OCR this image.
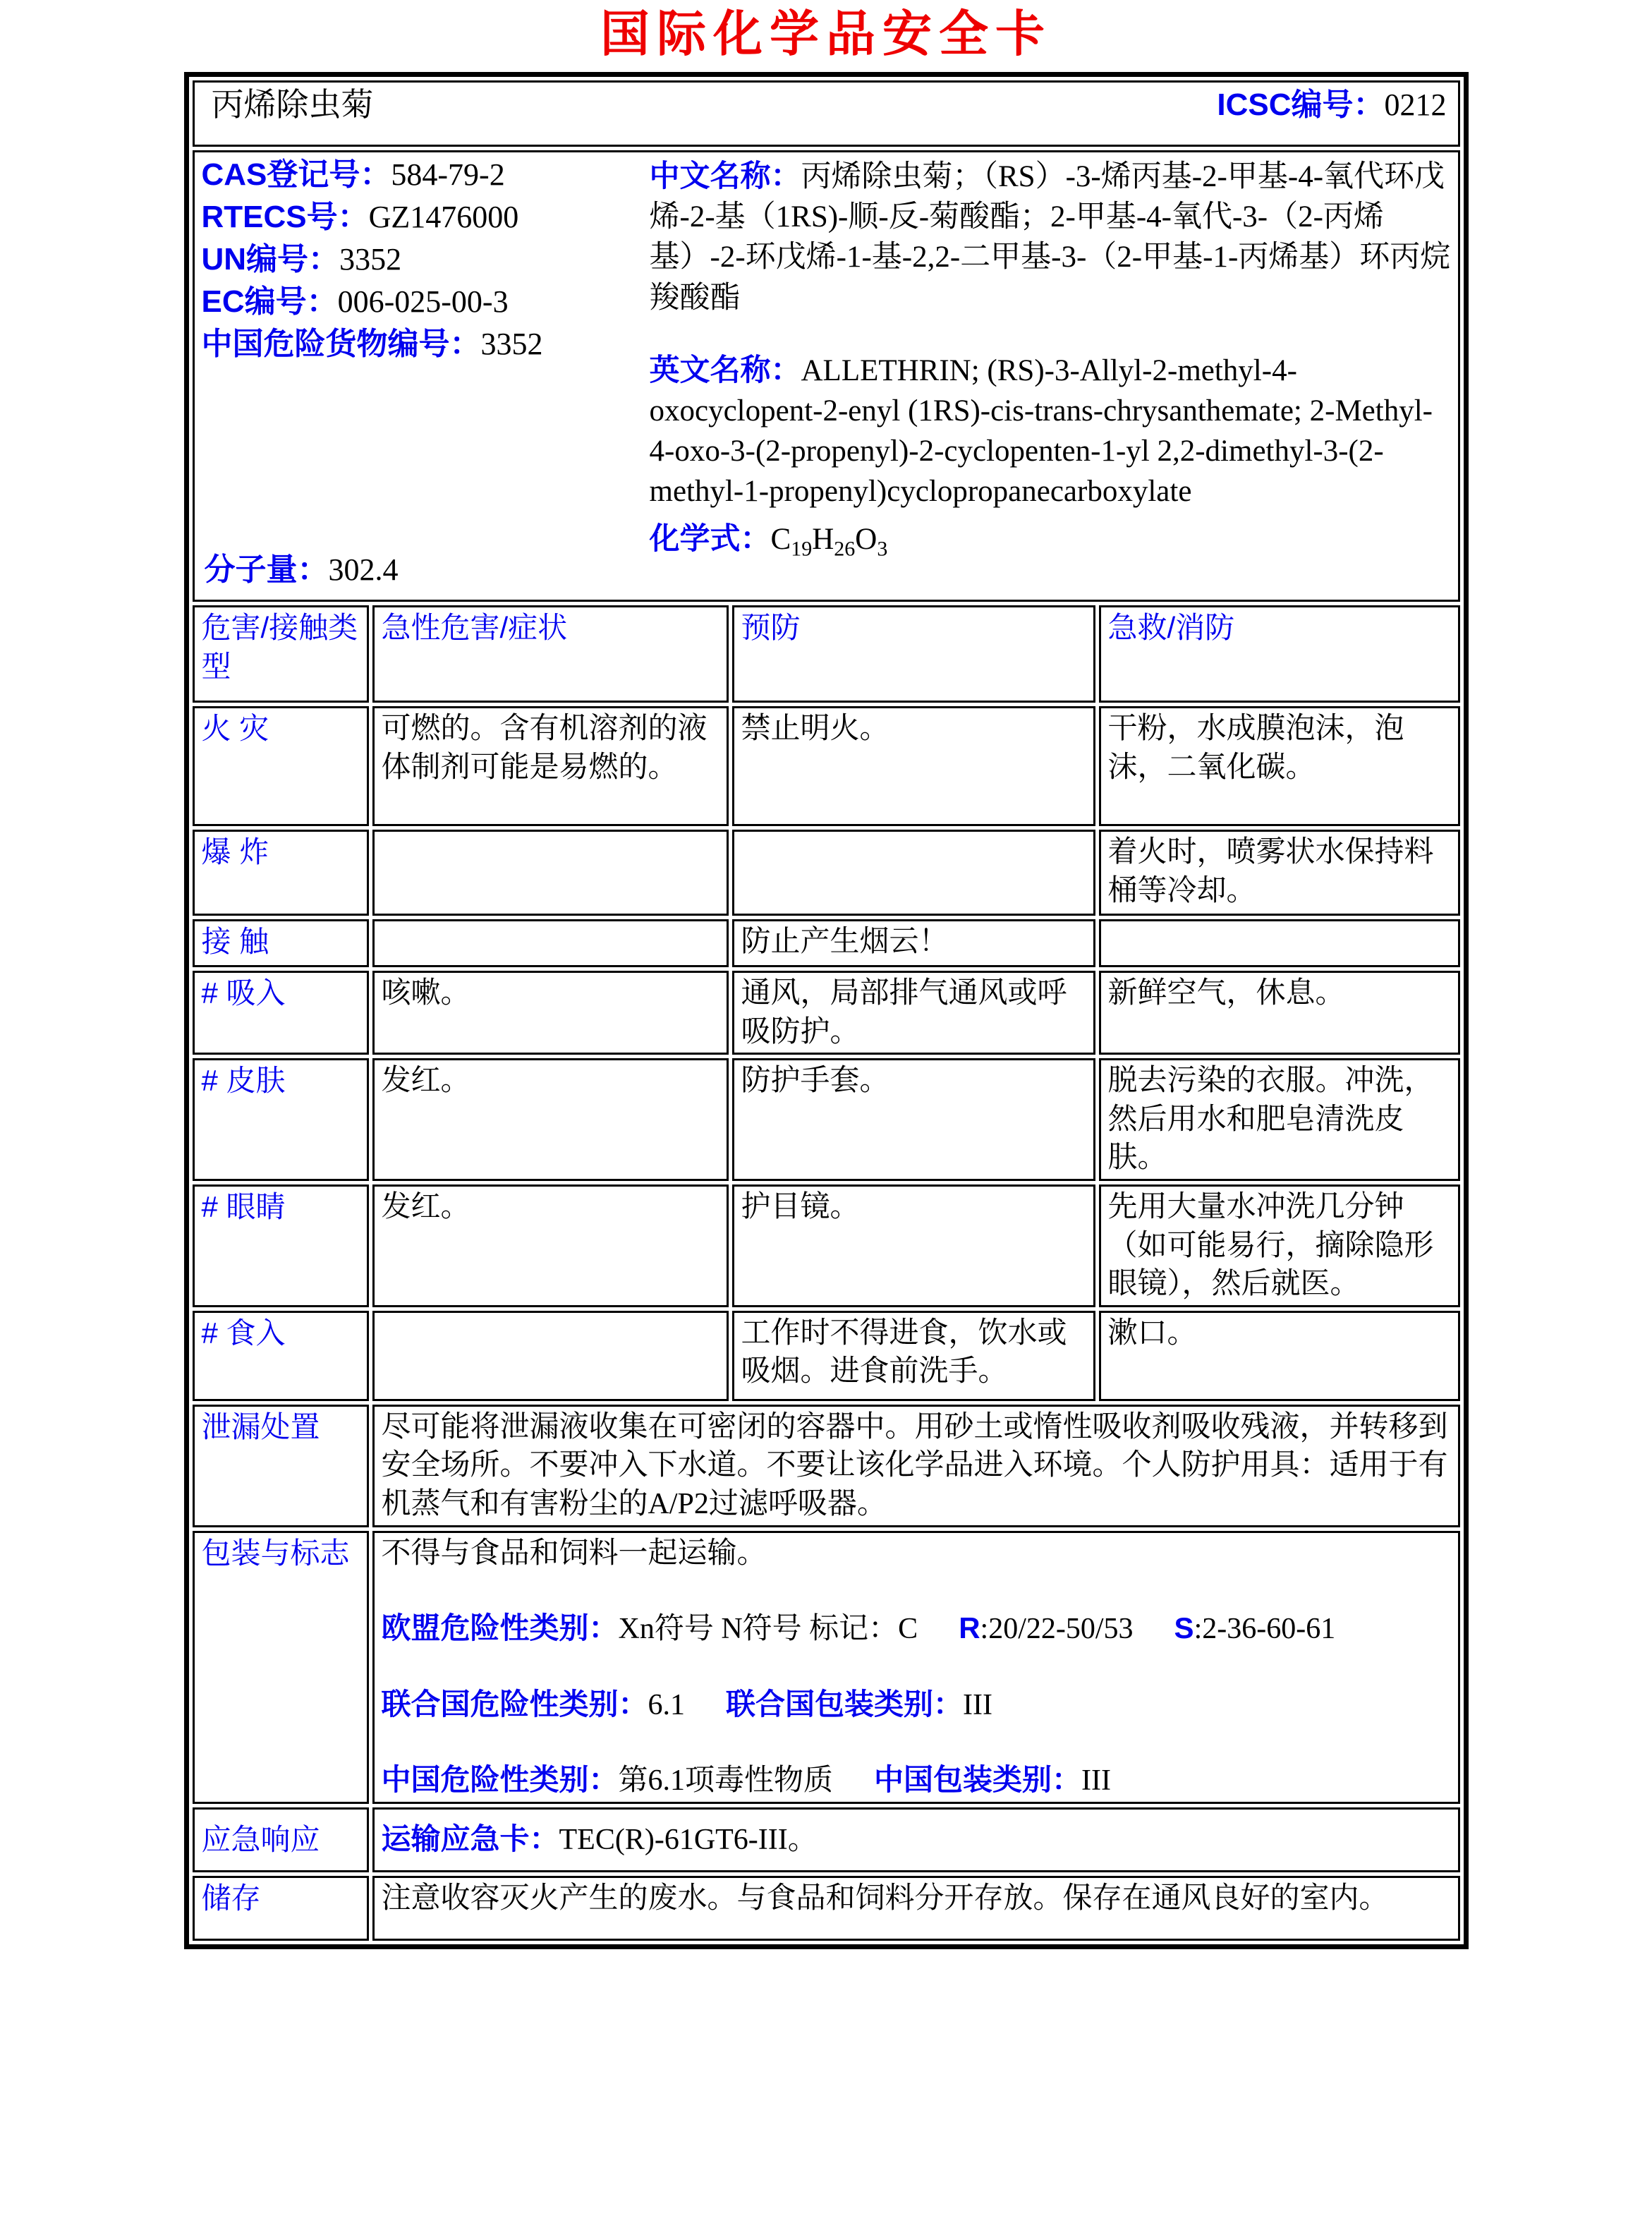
国际化学品安全卡
丙烯除虫菊 ICSC编号：0212			

CAS登记号：584-79-2
RTECS号：GZ1476000
UN编号：3352
EC编号：006-025-00-3
中国危险货物编号：3352
分子量：302.4

中文名称：丙烯除虫菊；（RS）-3-烯丙基-2-甲基-4-氧代环戊烯-2-基（1RS)-顺-反-菊酸酯；2-甲基-4-氧代-3-（2-丙烯基）-2-环戊烯-1-基-2,2-二甲基-3-（2-甲基-1-丙烯基）环丙烷羧酸酯

英文名称：ALLETHRIN; (RS)-3-Allyl-2-methyl-4-oxocyclopent-2-enyl (1RS)-cis-trans-chrysanthemate; 2-Methyl-4-oxo-3-(2-propenyl)-2-cyclopenten-1-yl 2,2-dimethyl-3-(2-methyl-1-propenyl)cyclopropanecarboxylate

化学式：$C_{19}H_{26}O_3$

危害/接触类型	急性危害/症状	预防	急救/消防
火 灾	可燃的。含有机溶剂的液体制剂可能是易燃的。	禁止明火。	干粉，水成膜泡沫，泡沫，二氧化碳。
爆 炸			着火时，喷雾状水保持料桶等冷却。
接 触		防止产生烟云！	
# 吸入	咳嗽。	通风，局部排气通风或呼吸防护。	新鲜空气，休息。
# 皮肤	发红。	防护手套。	脱去污染的衣服。冲洗，然后用水和肥皂清洗皮肤。
# 眼睛	发红。	护目镜。	先用大量水冲洗几分钟（如可能易行，摘除隐形眼镜），然后就医。
# 食入		工作时不得进食，饮水或吸烟。进食前洗手。	漱口。
泄漏处置	尽可能将泄漏液收集在可密闭的容器中。用砂土或惰性吸收剂吸收残液，并转移到安全场所。不要冲入下水道。不要让该化学品进入环境。个人防护用具：适用于有机蒸气和有害粉尘的A/P2过滤呼吸器。		
包装与标志	不得与食品和饲料一起运输。

欧盟危险性类别：Xn符号 N符号 标记：C R:20/22-50/53 S:2-36-60-61

联合国危险性类别：6.1 联合国包装类别：III

中国危险性类别：第6.1项毒性物质 中国包装类别：III		

应急响应	运输应急卡：TEC(R)-61GT6-III。		
储存	注意收容灭火产生的废水。与食品和饲料分开存放。保存在通风良好的室内。		
